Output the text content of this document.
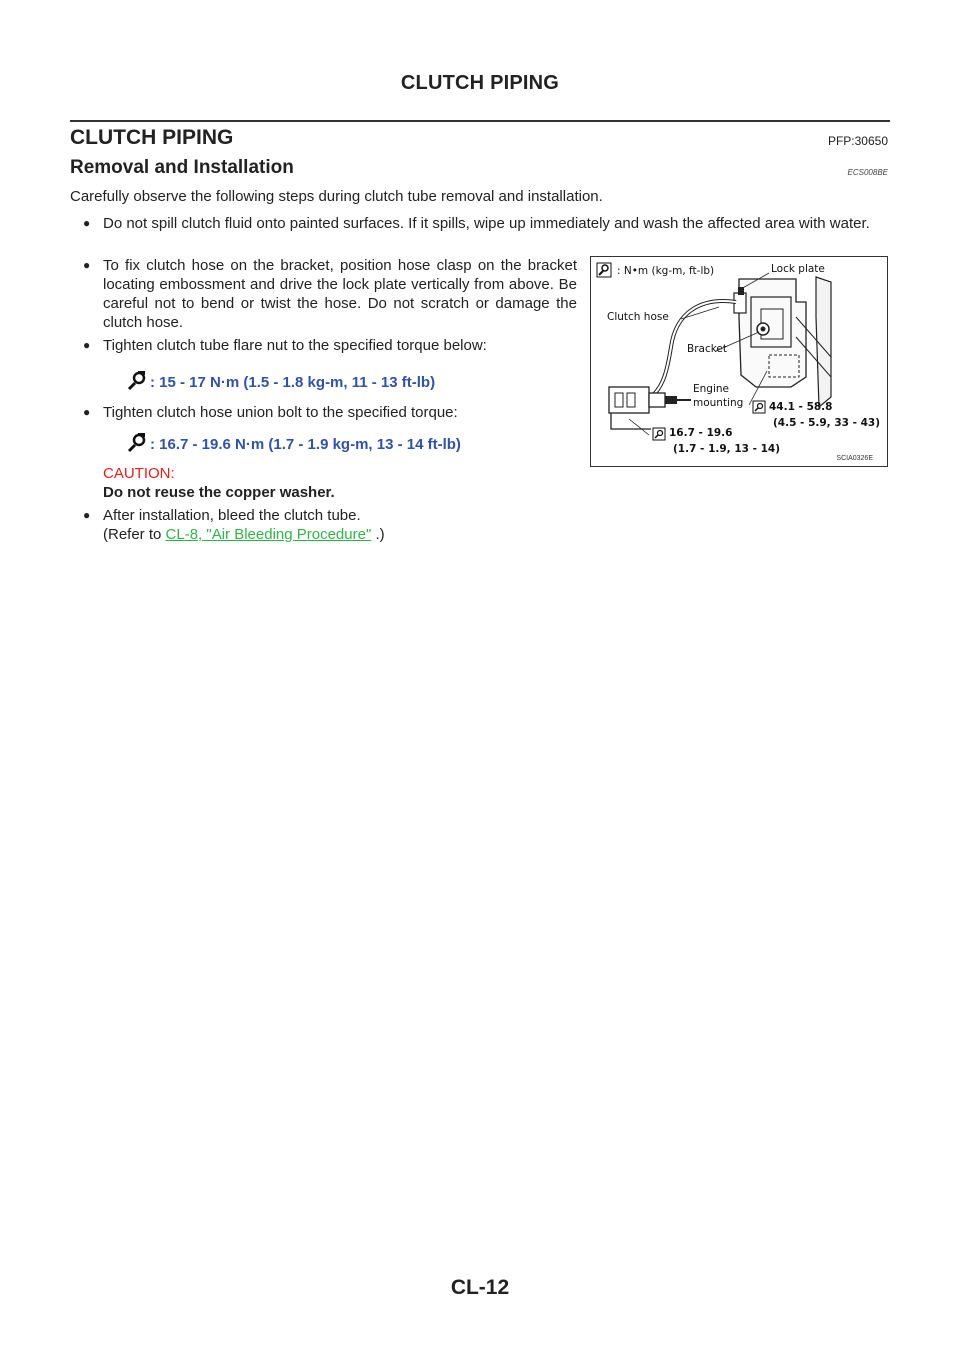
CLUTCH PIPING
CLUTCH PIPING	PFP:30650
Removal and Installation	ECS008BE
Carefully observe the following steps during clutch tube removal and installation.
● Do not spill clutch fluid onto painted surfaces. If it spills, wipe up immediately and wash the affected area with water.
● To fix clutch hose on the bracket, position hose clasp on the bracket locating embossment and drive the lock plate vertically from above. Be careful not to bend or twist the hose. Do not scratch or damage the clutch hose.
● Tighten clutch tube flare nut to the specified torque below:
: 15 - 17 N·m (1.5 - 1.8 kg-m, 11 - 13 ft-lb)
● Tighten clutch hose union bolt to the specified torque:
: 16.7 - 19.6 N·m (1.7 - 1.9 kg-m, 13 - 14 ft-lb)
CAUTION:
Do not reuse the copper washer.
● After installation, bleed the clutch tube.
(Refer to CL-8, "Air Bleeding Procedure" .)
: N•m (kg-m, ft-lb)	Lock plate
Clutch hose
Bracket
Engine
mounting 44.1 - 58.8
(4.5 - 5.9, 33 - 43)
16.7 - 19.6
(1.7 - 1.9, 13 - 14)
SCIA0326E
CL-12
